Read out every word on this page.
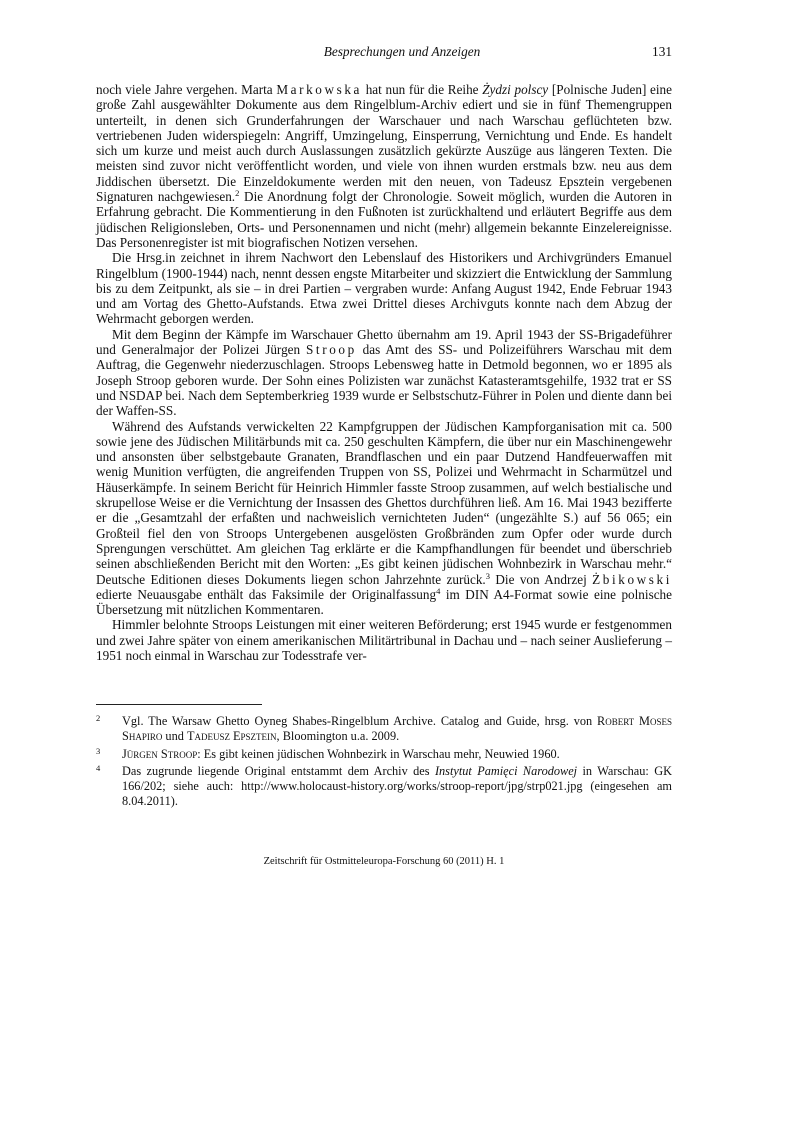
Besprechungen und Anzeigen	131

noch viele Jahre vergehen. Marta Markowska hat nun für die Reihe Żydzi polscy [Polnische Juden] eine große Zahl ausgewählter Dokumente aus dem Ringelblum-Archiv ediert und sie in fünf Themengruppen unterteilt, in denen sich Grunderfahrungen der Warschauer und nach Warschau geflüchteten bzw. vertriebenen Juden widerspiegeln: Angriff, Umzingelung, Einsperrung, Vernichtung und Ende. Es handelt sich um kurze und meist auch durch Auslassungen zusätzlich gekürzte Auszüge aus längeren Texten. Die meisten sind zuvor nicht veröffentlicht worden, und viele von ihnen wurden erstmals bzw. neu aus dem Jiddischen übersetzt. Die Einzeldokumente werden mit den neuen, von Tadeusz Epsztein vergebenen Signaturen nachgewiesen.$^2$ Die Anordnung folgt der Chronologie. Soweit möglich, wurden die Autoren in Erfahrung gebracht. Die Kommentierung in den Fußnoten ist zurückhaltend und erläutert Begriffe aus dem jüdischen Religionsleben, Orts- und Personennamen und nicht (mehr) allgemein bekannte Einzelereignisse. Das Personenregister ist mit biografischen Notizen versehen.

Die Hrsg.in zeichnet in ihrem Nachwort den Lebenslauf des Historikers und Archivgründers Emanuel Ringelblum (1900-1944) nach, nennt dessen engste Mitarbeiter und skizziert die Entwicklung der Sammlung bis zu dem Zeitpunkt, als sie – in drei Partien – vergraben wurde: Anfang August 1942, Ende Februar 1943 und am Vortag des Ghetto-Aufstands. Etwa zwei Drittel dieses Archivguts konnte nach dem Abzug der Wehrmacht geborgen werden.

Mit dem Beginn der Kämpfe im Warschauer Ghetto übernahm am 19. April 1943 der SS-Brigadeführer und Generalmajor der Polizei Jürgen Stroop das Amt des SS- und Polizeiführers Warschau mit dem Auftrag, die Gegenwehr niederzuschlagen. Stroops Lebensweg hatte in Detmold begonnen, wo er 1895 als Joseph Stroop geboren wurde. Der Sohn eines Polizisten war zunächst Katasteramtsgehilfe, 1932 trat er SS und NSDAP bei. Nach dem Septemberkrieg 1939 wurde er Selbstschutz-Führer in Polen und diente dann bei der Waffen-SS.

Während des Aufstands verwickelten 22 Kampfgruppen der Jüdischen Kampforganisation mit ca. 500 sowie jene des Jüdischen Militärbunds mit ca. 250 geschulten Kämpfern, die über nur ein Maschinengewehr und ansonsten über selbstgebaute Granaten, Brandflaschen und ein paar Dutzend Handfeuerwaffen mit wenig Munition verfügten, die angreifenden Truppen von SS, Polizei und Wehrmacht in Scharmützel und Häuserkämpfe. In seinem Bericht für Heinrich Himmler fasste Stroop zusammen, auf welch bestialische und skrupellose Weise er die Vernichtung der Insassen des Ghettos durchführen ließ. Am 16. Mai 1943 bezifferte er die „Gesamtzahl der erfaßten und nachweislich vernichteten Juden“ (ungezählte S.) auf 56 065; ein Großteil fiel den von Stroops Untergebenen ausgelösten Großbränden zum Opfer oder wurde durch Sprengungen verschüttet. Am gleichen Tag erklärte er die Kampfhandlungen für beendet und überschrieb seinen abschließenden Bericht mit den Worten: „Es gibt keinen jüdischen Wohnbezirk in Warschau mehr.“ Deutsche Editionen dieses Dokuments liegen schon Jahrzehnte zurück.$^3$ Die von Andrzej Żbikowski edierte Neuausgabe enthält das Faksimile der Originalfassung$^4$ im DIN A4-Format sowie eine polnische Übersetzung mit nützlichen Kommentaren.

Himmler belohnte Stroops Leistungen mit einer weiteren Beförderung; erst 1945 wurde er festgenommen und zwei Jahre später von einem amerikanischen Militärtribunal in Dachau und – nach seiner Auslieferung – 1951 noch einmal in Warschau zur Todesstrafe ver-

2 Vgl. The Warsaw Ghetto Oyneg Shabes-Ringelblum Archive. Catalog and Guide, hrsg. von Robert Moses Shapiro und Tadeusz Epsztein, Bloomington u.a. 2009.
3 Jürgen Stroop: Es gibt keinen jüdischen Wohnbezirk in Warschau mehr, Neuwied 1960.
4 Das zugrunde liegende Original entstammt dem Archiv des Instytut Pamięci Narodowej in Warschau: GK 166/202; siehe auch: http://www.holocaust-history.org/works/stroop-report/jpg/strp021.jpg (eingesehen am 8.04.2011).
Zeitschrift für Ostmitteleuropa-Forschung 60 (2011) H. 1
